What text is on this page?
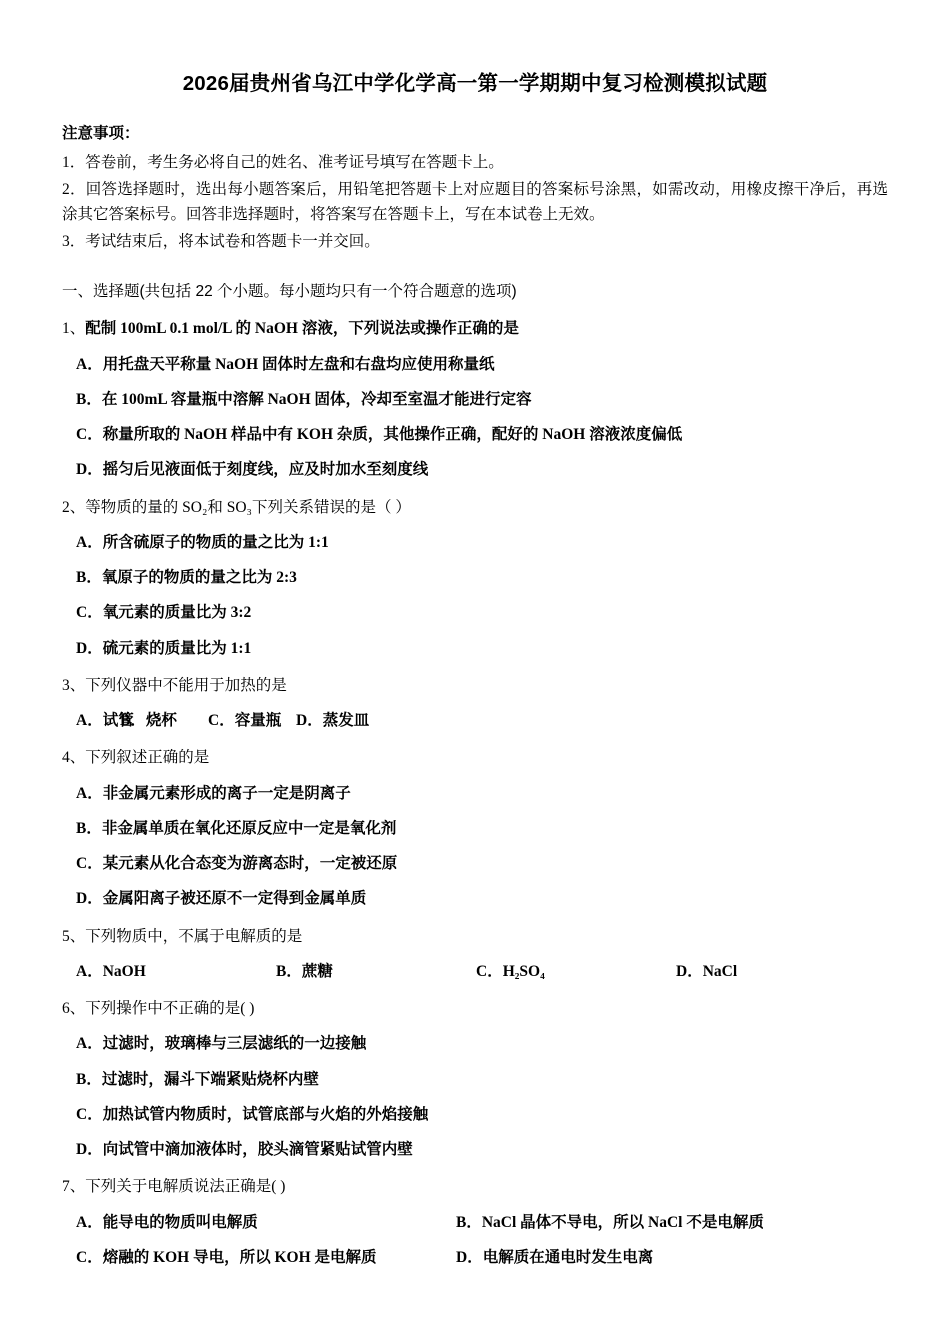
2026届贵州省乌江中学化学高一第一学期期中复习检测模拟试题
注意事项：
1．答卷前，考生务必将自己的姓名、准考证号填写在答题卡上。
2．回答选择题时，选出每小题答案后，用铅笔把答题卡上对应题目的答案标号涂黑，如需改动，用橡皮擦干净后，再选涂其它答案标号。回答非选择题时，将答案写在答题卡上，写在本试卷上无效。
3．考试结束后，将本试卷和答题卡一并交回。
一、选择题(共包括 22 个小题。每小题均只有一个符合题意的选项)
1、配制 100mL 0.1 mol/L 的 NaOH 溶液，下列说法或操作正确的是
A．用托盘天平称量 NaOH 固体时左盘和右盘均应使用称量纸
B．在 100mL 容量瓶中溶解 NaOH 固体，冷却至室温才能进行定容
C．称量所取的 NaOH 样品中有 KOH 杂质，其他操作正确，配好的 NaOH 溶液浓度偏低
D．摇匀后见液面低于刻度线，应及时加水至刻度线
2、等物质的量的 SO₂和 SO₃下列关系错误的是（ ）
A．所含硫原子的物质的量之比为 1:1
B．氧原子的物质的量之比为 2:3
C．氧元素的质量比为 3:2
D．硫元素的质量比为 1:1
3、下列仪器中不能用于加热的是
A．试管
B．烧杯	C．容量瓶 D．蒸发皿
4、下列叙述正确的是
A．非金属元素形成的离子一定是阴离子
B．非金属单质在氧化还原反应中一定是氧化剂
C．某元素从化合态变为游离态时，一定被还原
D．金属阳离子被还原不一定得到金属单质
5、下列物质中，不属于电解质的是
A．NaOH	B．蔗糖	C．H₂SO₄	D．NaCl
6、下列操作中不正确的是( )
A．过滤时，玻璃棒与三层滤纸的一边接触
B．过滤时，漏斗下端紧贴烧杯内壁
C．加热试管内物质时，试管底部与火焰的外焰接触
D．向试管中滴加液体时，胶头滴管紧贴试管内壁
7、下列关于电解质说法正确是( )
A．能导电的物质叫电解质	B．NaCl 晶体不导电，所以 NaCl 不是电解质
C．熔融的 KOH 导电，所以 KOH 是电解质	D．电解质在通电时发生电离
